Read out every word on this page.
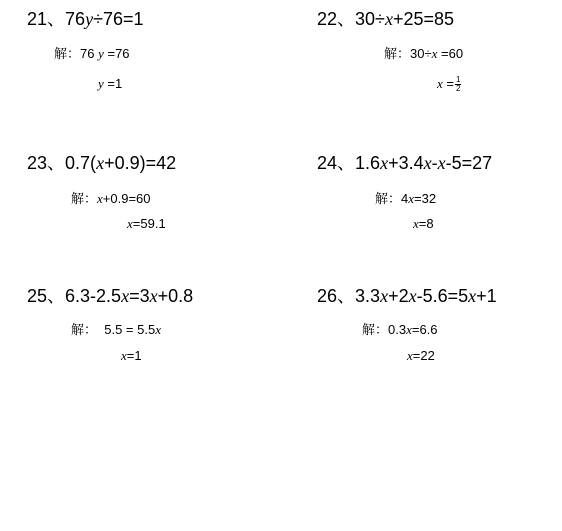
21、76y÷76=1
解：76 y =76
y =1
22、30÷x+25=85
解：30÷x =60
$x = \frac{1}{2}$
23、0.7(x+0.9)=42
解：x+0.9=60
x=59.1
24、1.6x+3.4x-x-5=27
解：4x=32
x=8
25、6.3-2.5x=3x+0.8
解：  5.5 = 5.5x
x=1
26、3.3x+2x-5.6=5x+1
解：0.3x=6.6
x=22
